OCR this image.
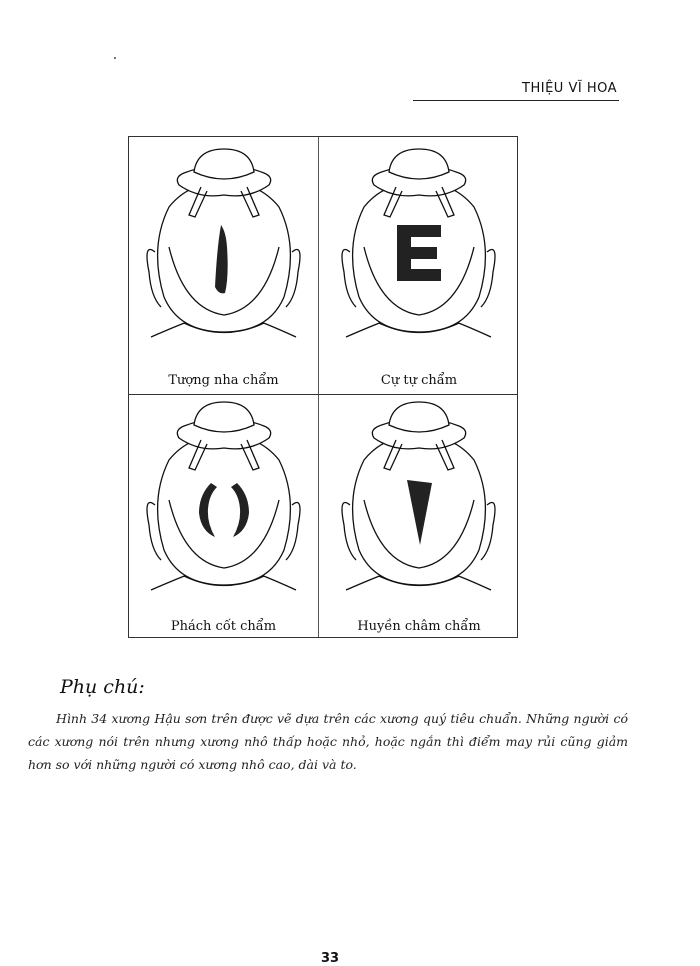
THIỆU VĨ HOA
Tượng nha chẩm	Cự tự chẩm
Phách cốt chẩm	Huyền châm chẩm
Phụ chú:

Hình 34 xương Hậu sơn trên được vẽ dựa trên các xương quý tiêu chuẩn. Những người có các xương nói trên nhưng xương nhô thấp hoặc nhỏ, hoặc ngắn thì điểm may rủi cũng giảm hơn so với những người có xương nhô cao, dài và to.

33
